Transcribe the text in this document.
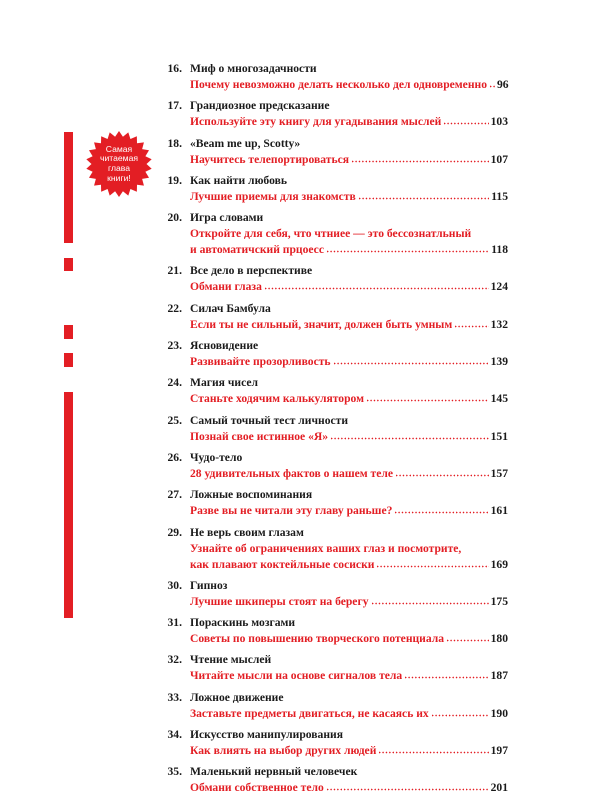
Самая
читаемая
глава
книги!
16. Миф о многозадачности
Почему невозможно делать несколько дел одновременно 96
17. Грандиозное предсказание
Используйте эту книгу для угадывания мыслей	103
18. «Beam me up, Scotty»
Научитесь телепортироваться	107
19. Как найти любовь
Лучшие приемы для знакомств	115
20. Игра словами
Откройте для себя, что чтниее — это бессознатльный
и автоматичский прцоесс	118
21. Все дело в перспективе
Обмани глаза	124
22. Силач Бамбула
Если ты не сильный, значит, должен быть умным	132
23. Ясновидение
Развивайте прозорливость	139
24. Магия чисел
Станьте ходячим калькулятором	145
25. Самый точный тест личности
Познай свое истинное «Я»	151
26. Чудо-тело
28 удивительных фактов о нашем теле	157
27. Ложные воспоминания
Разве вы не читали эту главу раньше?	161
29. Не верь своим глазам
Узнайте об ограничениях ваших глаз и посмотрите,
как плавают коктейльные сосиски	169
30. Гипноз
Лучшие шкиперы стоят на берегу	175
31. Пораскинь мозгами
Советы по повышению творческого потенциала	180
32. Чтение мыслей
Читайте мысли на основе сигналов тела	187
33. Ложное движение
Заставьте предметы двигаться, не касаясь их	190
34. Искусство манипулирования
Как влиять на выбор других людей	197
35. Маленький нервный человечек
Обмани собственное тело	201
